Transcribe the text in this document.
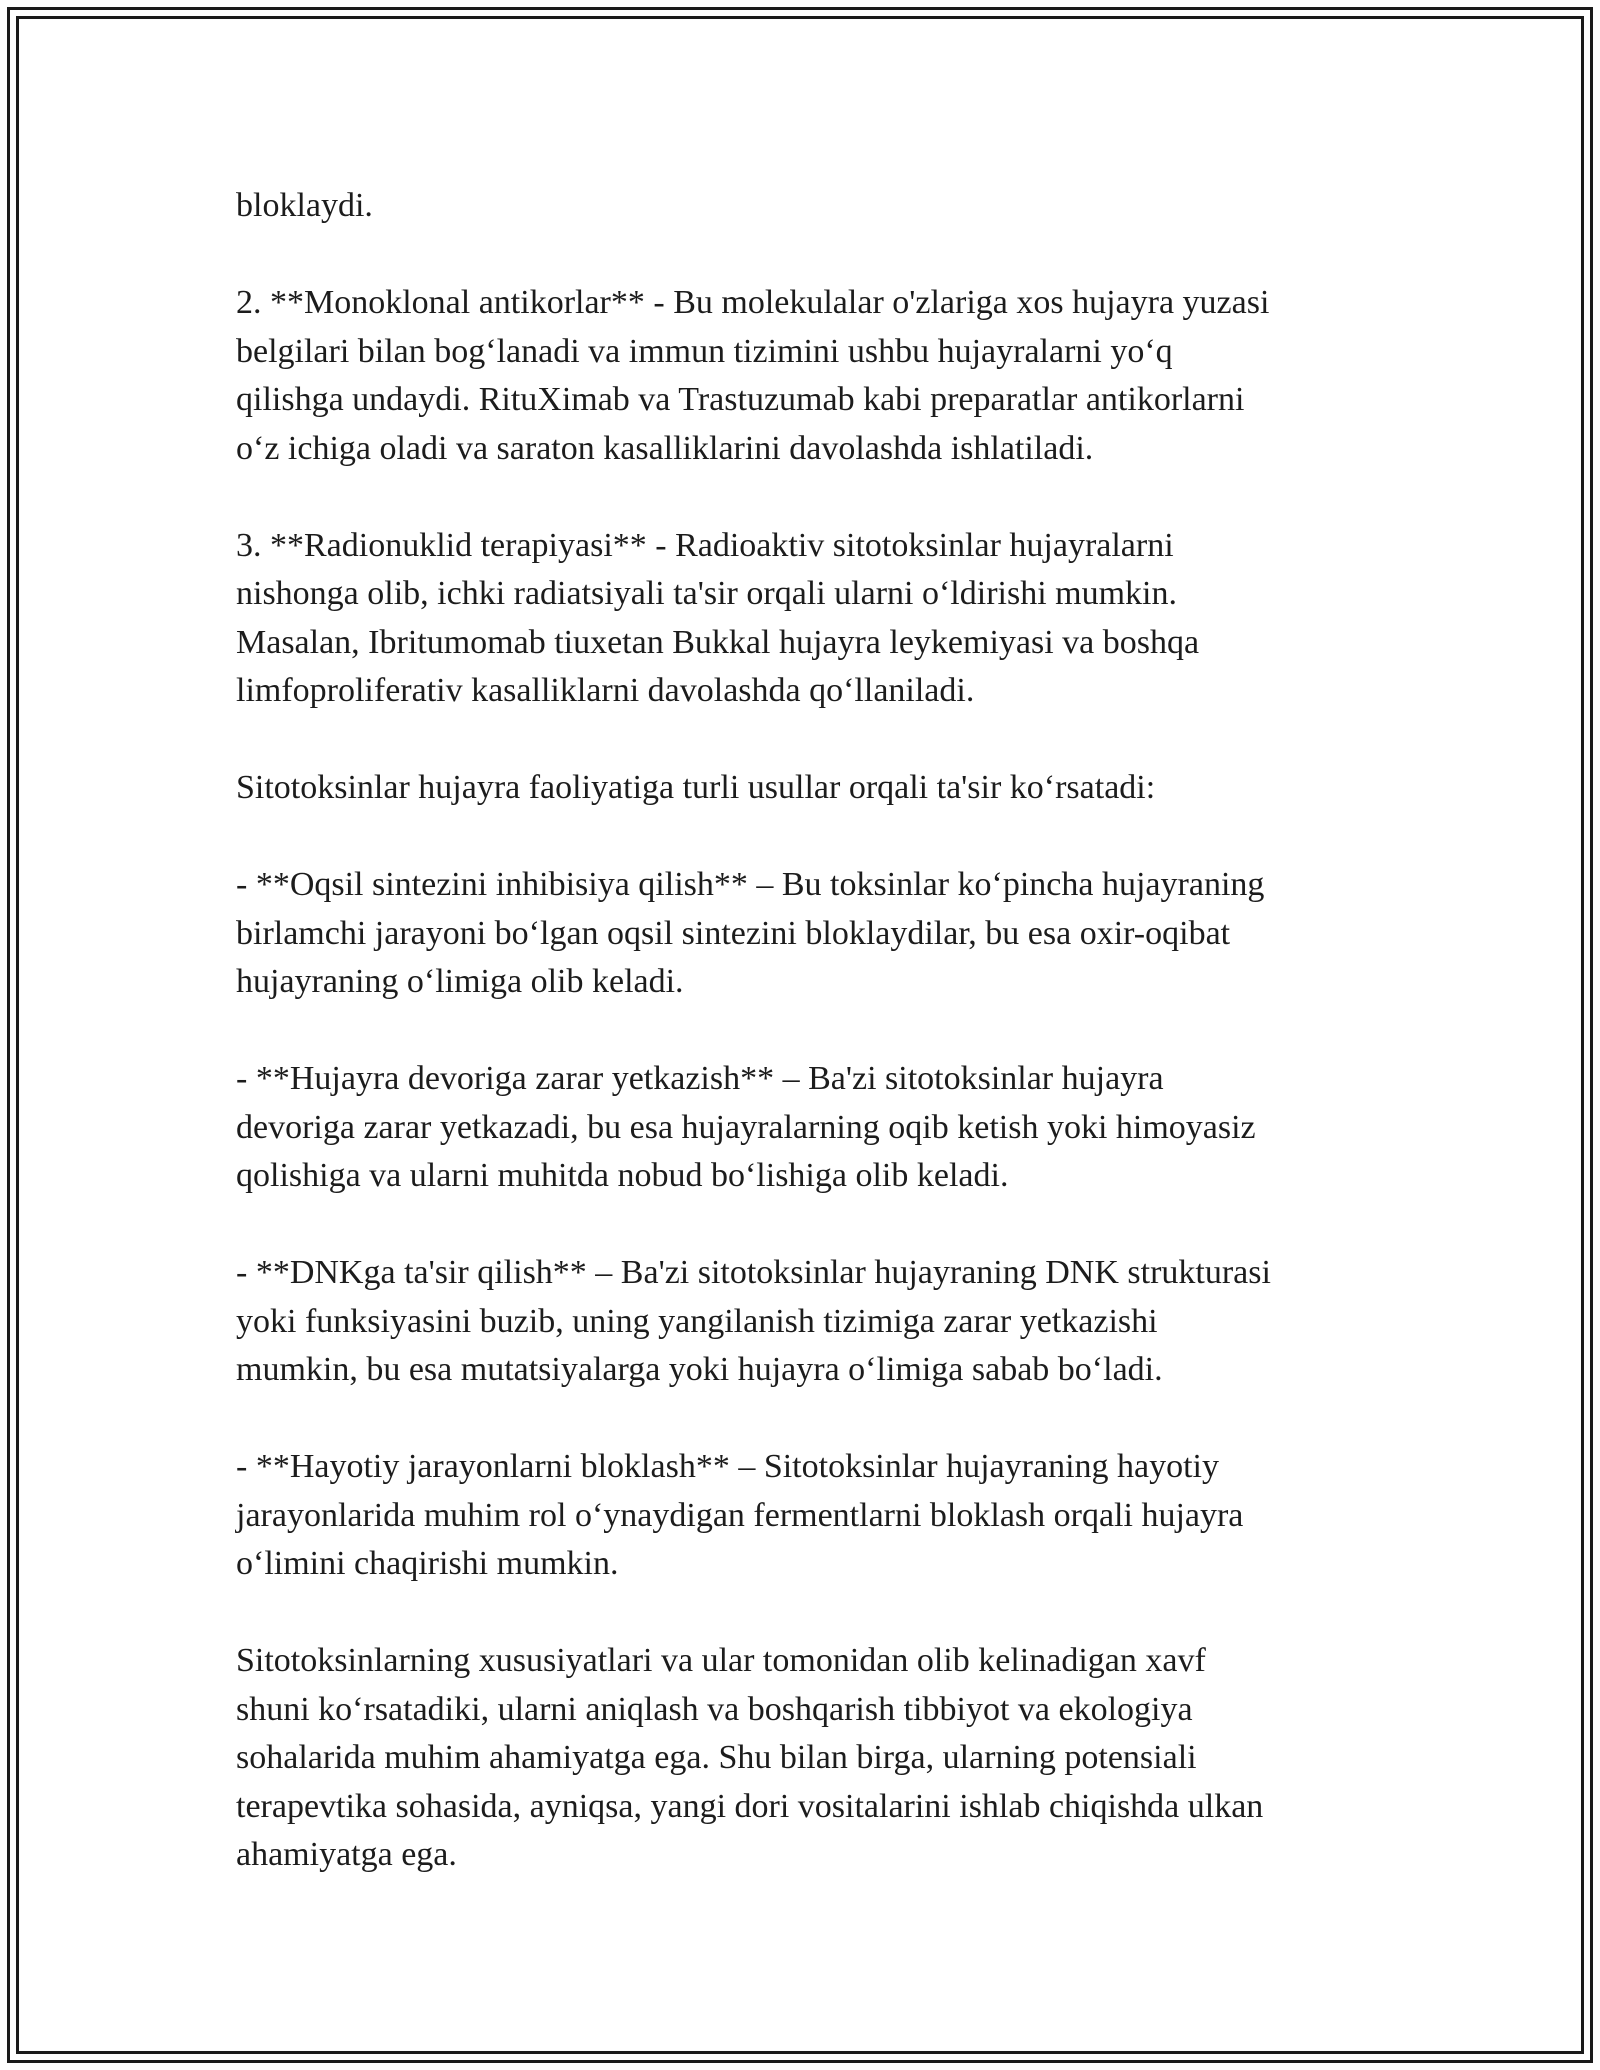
bloklaydi.

2. **Monoklonal antikorlar** - Bu molekulalar o'zlariga xos hujayra yuzasi
belgilari bilan bog‘lanadi va immun tizimini ushbu hujayralarni yo‘q
qilishga undaydi. RituXimab va Trastuzumab kabi preparatlar antikorlarni
o‘z ichiga oladi va saraton kasalliklarini davolashda ishlatiladi.

3. **Radionuklid terapiyasi** - Radioaktiv sitotoksinlar hujayralarni
nishonga olib, ichki radiatsiyali ta'sir orqali ularni o‘ldirishi mumkin.
Masalan, Ibritumomab tiuxetan Bukkal hujayra leykemiyasi va boshqa
limfoproliferativ kasalliklarni davolashda qo‘llaniladi.

Sitotoksinlar hujayra faoliyatiga turli usullar orqali ta'sir ko‘rsatadi:

- **Oqsil sintezini inhibisiya qilish** – Bu toksinlar ko‘pincha hujayraning
birlamchi jarayoni bo‘lgan oqsil sintezini bloklaydilar, bu esa oxir-oqibat
hujayraning o‘limiga olib keladi.

- **Hujayra devoriga zarar yetkazish** – Ba'zi sitotoksinlar hujayra
devoriga zarar yetkazadi, bu esa hujayralarning oqib ketish yoki himoyasiz
qolishiga va ularni muhitda nobud bo‘lishiga olib keladi.

- **DNKga ta'sir qilish** – Ba'zi sitotoksinlar hujayraning DNK strukturasi
yoki funksiyasini buzib, uning yangilanish tizimiga zarar yetkazishi
mumkin, bu esa mutatsiyalarga yoki hujayra o‘limiga sabab bo‘ladi.

- **Hayotiy jarayonlarni bloklash** – Sitotoksinlar hujayraning hayotiy
jarayonlarida muhim rol o‘ynaydigan fermentlarni bloklash orqali hujayra
o‘limini chaqirishi mumkin.

Sitotoksinlarning xususiyatlari va ular tomonidan olib kelinadigan xavf
shuni ko‘rsatadiki, ularni aniqlash va boshqarish tibbiyot va ekologiya
sohalarida muhim ahamiyatga ega. Shu bilan birga, ularning potensiali
terapevtika sohasida, ayniqsa, yangi dori vositalarini ishlab chiqishda ulkan
ahamiyatga ega.
